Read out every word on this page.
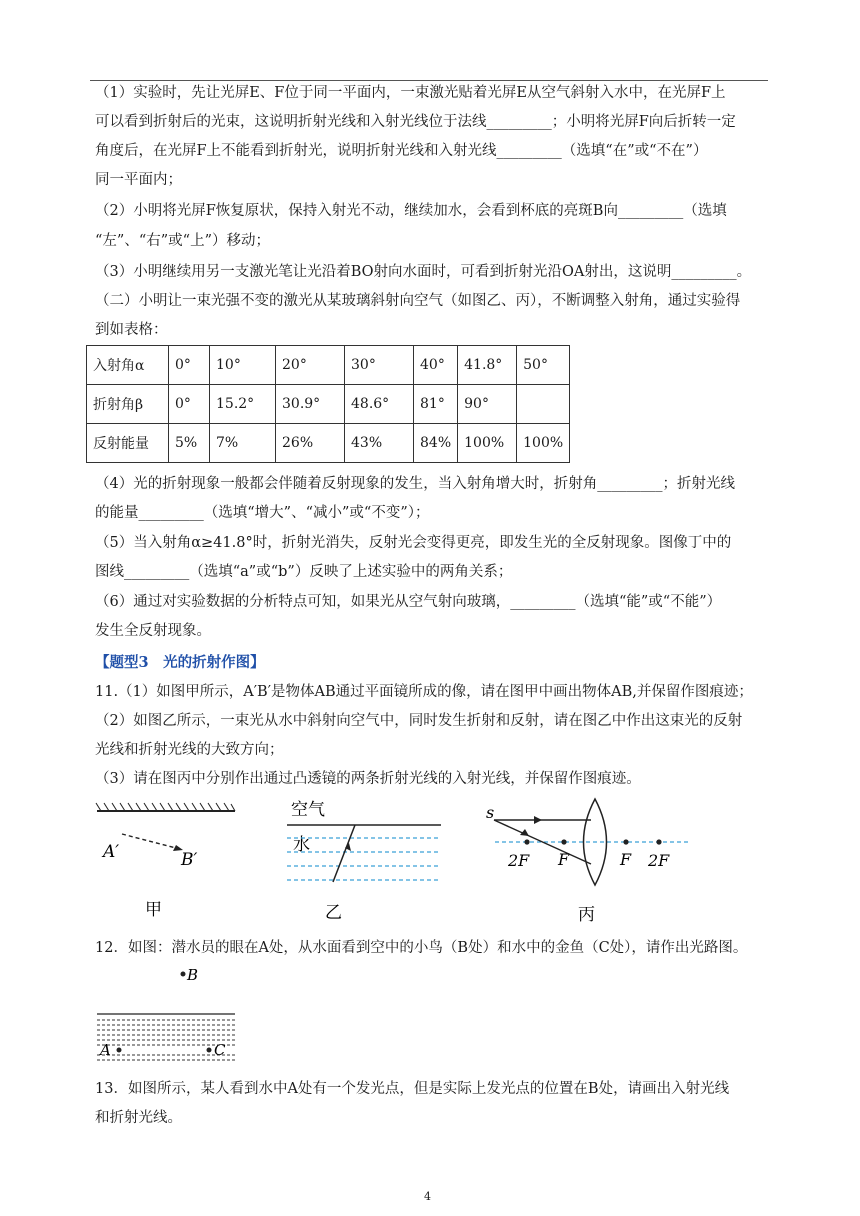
（1）实验时，先让光屏E、F位于同一平面内，一束激光贴着光屏E从空气斜射入水中，在光屏F上
可以看到折射后的光束，这说明折射光线和入射光线位于法线_________；小明将光屏F向后折转一定
角度后，在光屏F上不能看到折射光，说明折射光线和入射光线_________（选填“在”或“不在”）
同一平面内；
（2）小明将光屏F恢复原状，保持入射光不动，继续加水，会看到杯底的亮斑B向_________（选填
“左”、“右”或“上”）移动；
（3）小明继续用另一支激光笔让光沿着BO射向水面时，可看到折射光沿OA射出，这说明_________。
（二）小明让一束光强不变的激光从某玻璃斜射向空气（如图乙、丙），不断调整入射角，通过实验得
到如表格：
入射角α	0°	10°	20°	30°	40°	41.8°	50°
折射角β	0°	15.2°	30.9°	48.6°	81°	90°	
反射能量	5%	7%	26%	43%	84%	100%	100%
（4）光的折射现象一般都会伴随着反射现象的发生，当入射角增大时，折射角_________；折射光线
的能量_________（选填“增大”、“减小”或“不变”）；
（5）当入射角α≥41.8°时，折射光消失，反射光会变得更亮，即发生光的全反射现象。图像丁中的
图线_________（选填“a”或“b”）反映了上述实验中的两角关系；
（6）通过对实验数据的分析特点可知，如果光从空气射向玻璃，_________（选填“能”或“不能”）
发生全反射现象。
【题型3　光的折射作图】
11.（1）如图甲所示，A′B′是物体AB通过平面镜所成的像，请在图甲中画出物体AB,并保留作图痕迹；
（2）如图乙所示，一束光从水中斜射向空气中，同时发生折射和反射，请在图乙中作出这束光的反射
光线和折射光线的大致方向；
（3）请在图丙中分别作出通过凸透镜的两条折射光线的入射光线，并保留作图痕迹。
A′	B′
甲
空气
水
乙
s
2F F	F 2F
丙
12．如图：潜水员的眼在A处，从水面看到空中的小鸟（B处）和水中的金鱼（C处），请作出光路图。
B
A	C
13．如图所示，某人看到水中A处有一个发光点，但是实际上发光点的位置在B处，请画出入射光线
和折射光线。
4
